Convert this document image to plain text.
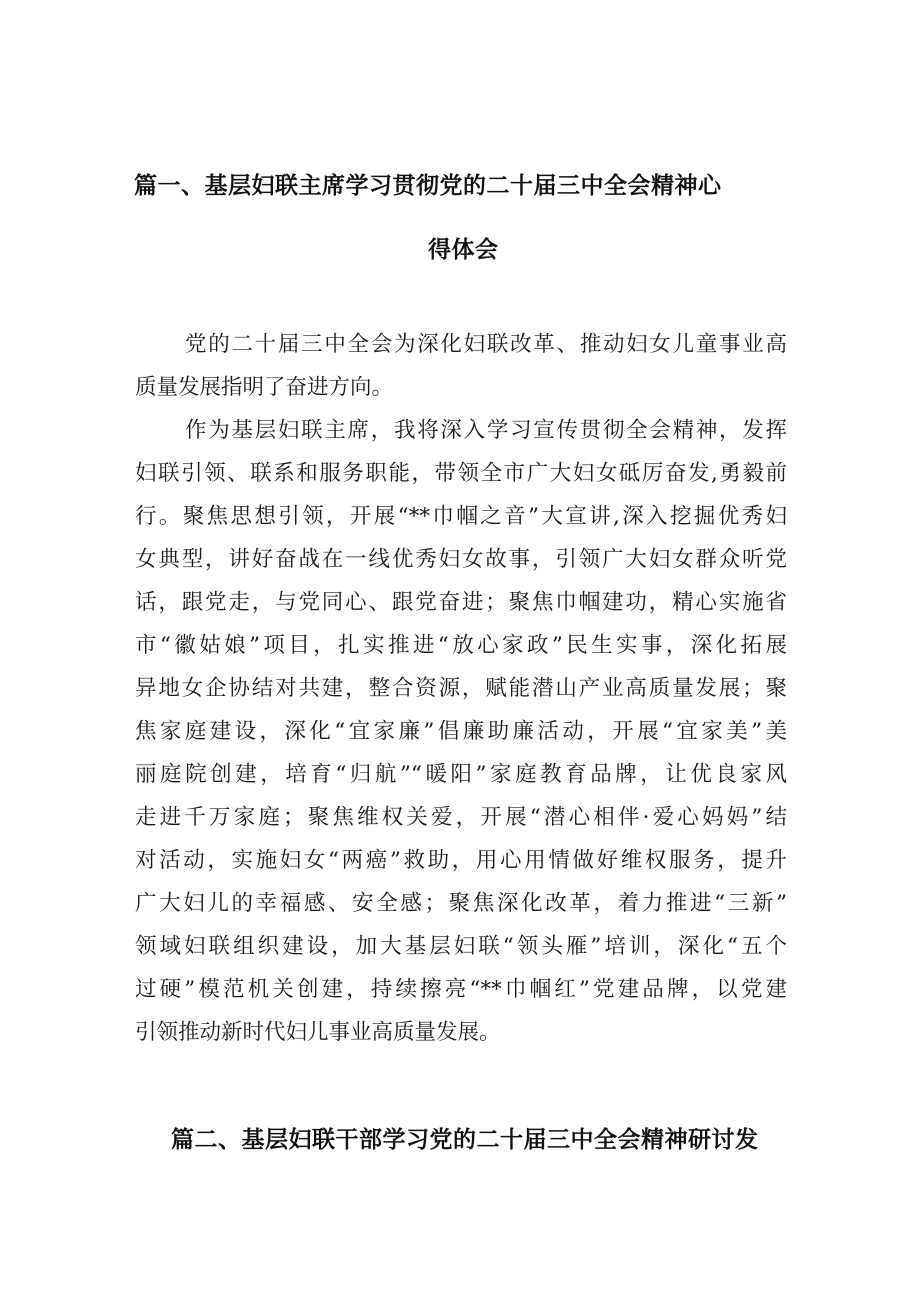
篇一、基层妇联主席学习贯彻党的二十届三中全会精神心
得体会
党的二十届三中全会为深化妇联改革、推动妇女儿童事业高
质量发展指明了奋进方向。
作为基层妇联主席，我将深入学习宣传贯彻全会精神，发挥
妇联引领、联系和服务职能，带领全市广大妇女砥厉奋发,勇毅前
行。聚焦思想引领，开展“**巾帼之音”大宣讲,深入挖掘优秀妇
女典型，讲好奋战在一线优秀妇女故事，引领广大妇女群众听党
话，跟党走，与党同心、跟党奋进；聚焦巾帼建功，精心实施省
市“徽姑娘”项目，扎实推进“放心家政”民生实事，深化拓展
异地女企协结对共建，整合资源，赋能潜山产业高质量发展；聚
焦家庭建设，深化“宜家廉”倡廉助廉活动，开展“宜家美”美
丽庭院创建，培育“归航”“暖阳”家庭教育品牌，让优良家风
走进千万家庭；聚焦维权关爱，开展“潜心相伴·爱心妈妈”结
对活动，实施妇女“两癌”救助，用心用情做好维权服务，提升
广大妇儿的幸福感、安全感；聚焦深化改革，着力推进“三新”
领域妇联组织建设，加大基层妇联“领头雁”培训，深化“五个
过硬”模范机关创建，持续擦亮“**巾帼红”党建品牌，以党建
引领推动新时代妇儿事业高质量发展。
篇二、基层妇联干部学习党的二十届三中全会精神研讨发
